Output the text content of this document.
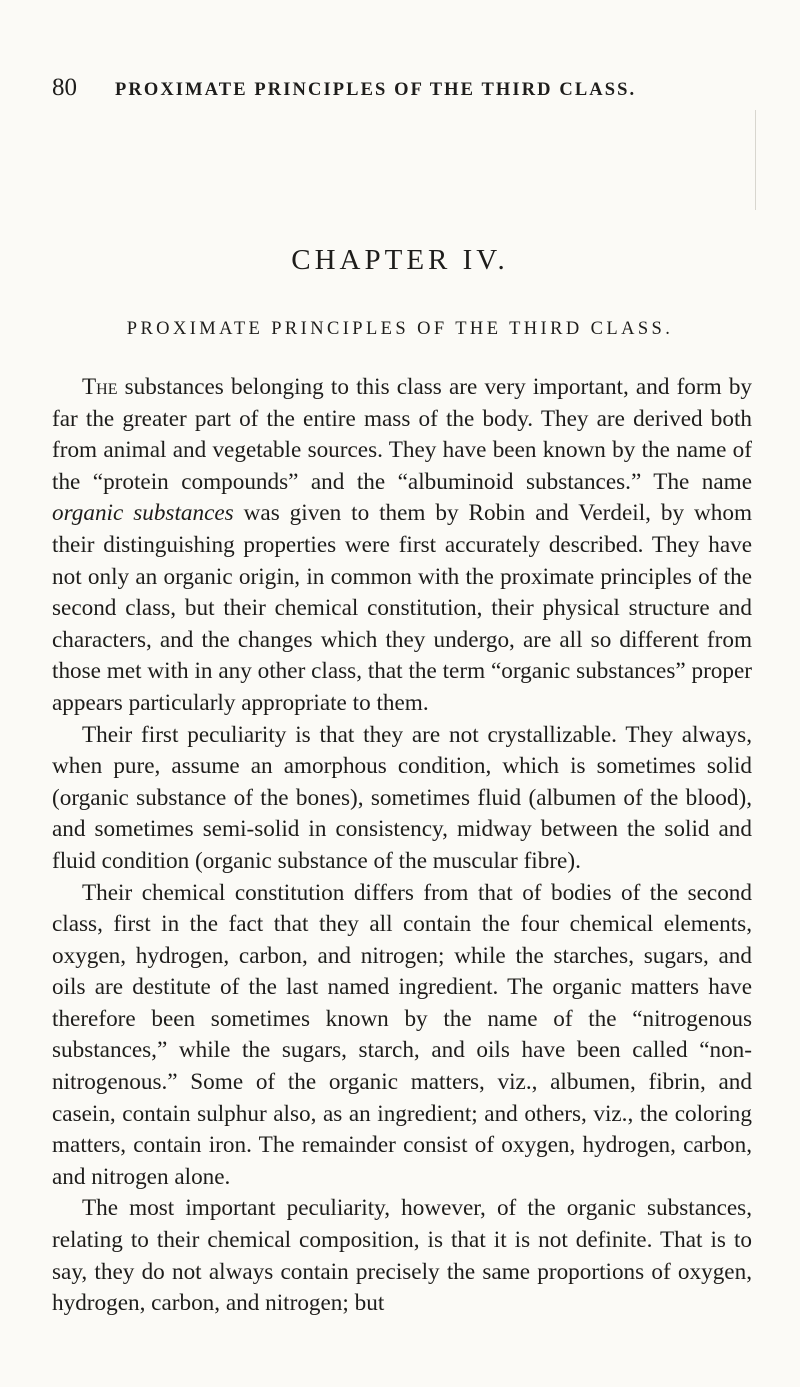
80	PROXIMATE PRINCIPLES OF THE THIRD CLASS.
CHAPTER IV.
PROXIMATE PRINCIPLES OF THE THIRD CLASS.

The substances belonging to this class are very important, and form by far the greater part of the entire mass of the body. They are derived both from animal and vegetable sources. They have been known by the name of the “protein compounds” and the “albuminoid substances.” The name organic substances was given to them by Robin and Verdeil, by whom their distinguishing properties were first accurately described. They have not only an organic origin, in common with the proximate principles of the second class, but their chemical constitution, their physical structure and characters, and the changes which they undergo, are all so different from those met with in any other class, that the term “organic substances” proper appears particularly appropriate to them.

Their first peculiarity is that they are not crystallizable. They always, when pure, assume an amorphous condition, which is sometimes solid (organic substance of the bones), sometimes fluid (albumen of the blood), and sometimes semi-solid in consistency, midway between the solid and fluid condition (organic substance of the muscular fibre).

Their chemical constitution differs from that of bodies of the second class, first in the fact that they all contain the four chemical elements, oxygen, hydrogen, carbon, and nitrogen; while the starches, sugars, and oils are destitute of the last named ingredient. The organic matters have therefore been sometimes known by the name of the “nitrogenous substances,” while the sugars, starch, and oils have been called “non-nitrogenous.” Some of the organic matters, viz., albumen, fibrin, and casein, contain sulphur also, as an ingredient; and others, viz., the coloring matters, contain iron. The remainder consist of oxygen, hydrogen, carbon, and nitrogen alone.

The most important peculiarity, however, of the organic substances, relating to their chemical composition, is that it is not definite. That is to say, they do not always contain precisely the same proportions of oxygen, hydrogen, carbon, and nitrogen; but
